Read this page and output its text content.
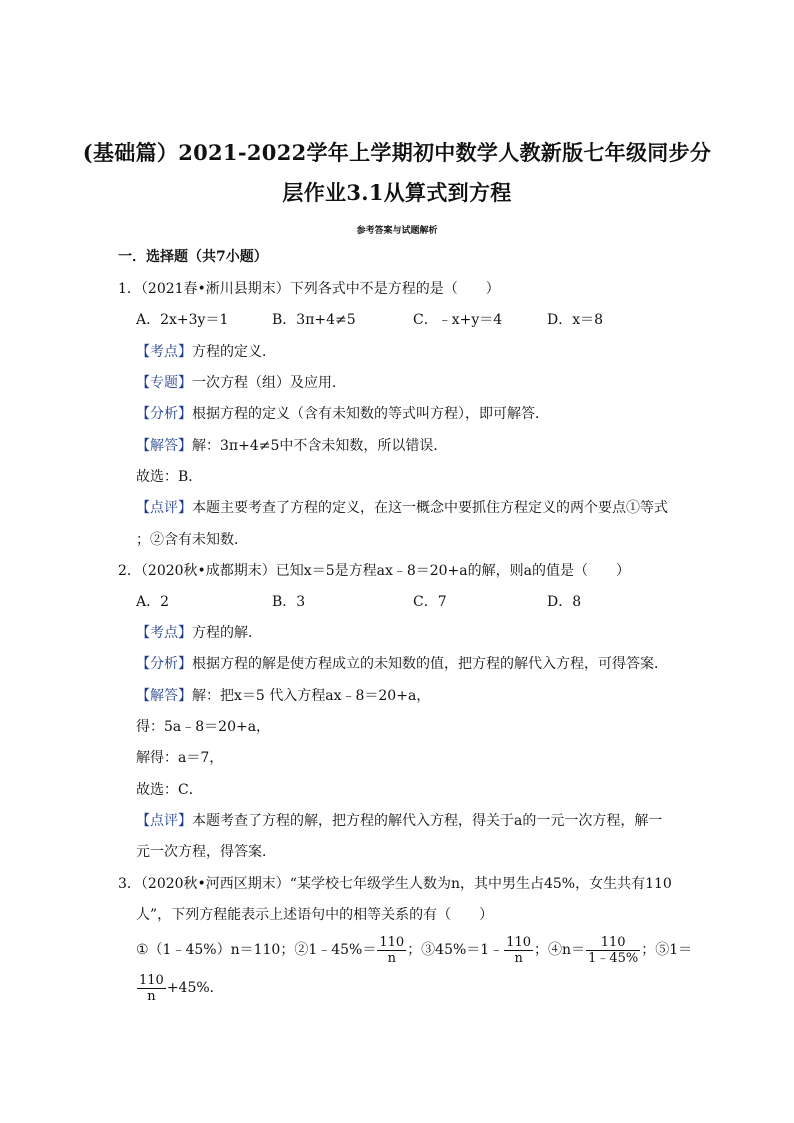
(基础篇）2021-2022学年上学期初中数学人教新版七年级同步分
层作业3.1从算式到方程
参考答案与试题解析
一．选择题（共7小题）
1．（2021春•淅川县期末）下列各式中不是方程的是（　　）
A．2x+3y＝1	B．3π+4≠5	C．﹣x+y＝4	D．x＝8
【考点】方程的定义．
【专题】一次方程（组）及应用．
【分析】根据方程的定义（含有未知数的等式叫方程），即可解答．
【解答】解：3π+4≠5中不含未知数，所以错误．
故选：B．
【点评】本题主要考查了方程的定义，在这一概念中要抓住方程定义的两个要点①等式
；②含有未知数．
2．（2020秋•成都期末）已知x＝5是方程ax﹣8＝20+a的解，则a的值是（　　）
A．2	B．3	C．7	D．8
【考点】方程的解．
【分析】根据方程的解是使方程成立的未知数的值，把方程的解代入方程，可得答案．
【解答】解：把x＝5 代入方程ax﹣8＝20+a，
得：5a﹣8＝20+a，
解得：a＝7，
故选：C．
【点评】本题考查了方程的解，把方程的解代入方程，得关于a的一元一次方程，解一
元一次方程，得答案．
3．（2020秋•河西区期末）“某学校七年级学生人数为n，其中男生占45%，女生共有110
人”，下列方程能表示上述语句中的相等关系的有（　　）
①（1﹣45%）n＝110；②1﹣45%＝ $\frac{110}{n}$ ；③45%＝1﹣ $\frac{110}{n}$ ；④n＝ $\frac{110}{1﹣45\%}$ ；⑤1＝
$\frac{110}{n} +45\%$．
